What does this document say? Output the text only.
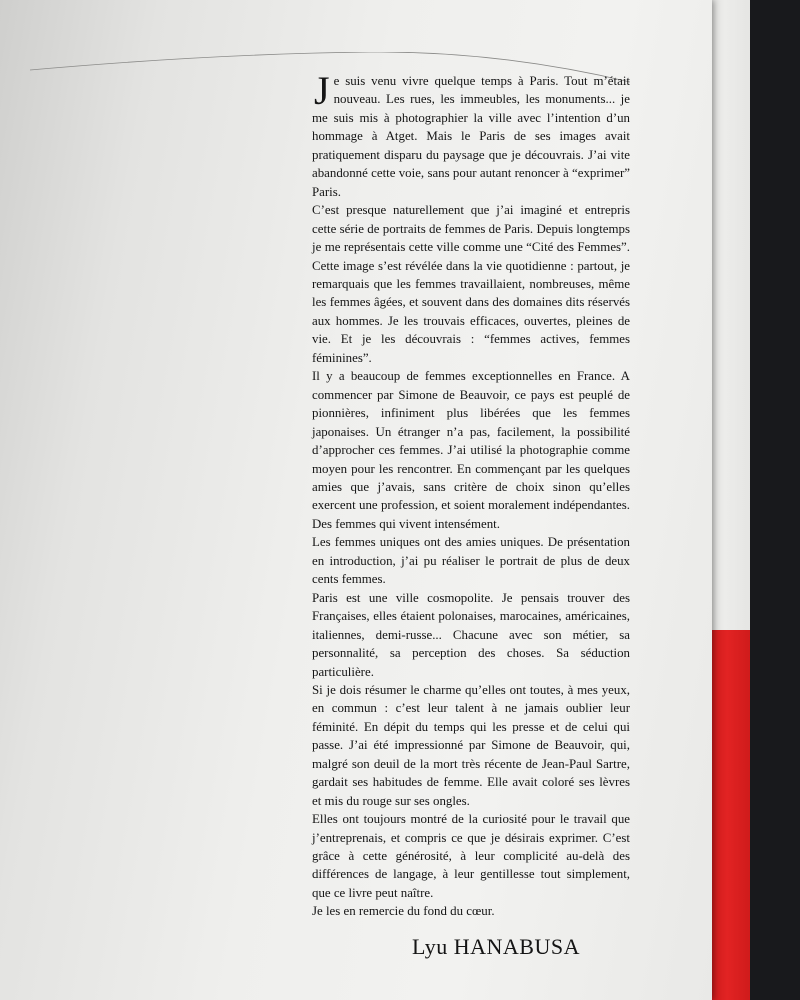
Je suis venu vivre quelque temps à Paris. Tout m’était nouveau. Les rues, les immeubles, les monuments... je me suis mis à photographier la ville avec l’intention d’un hommage à Atget. Mais le Paris de ses images avait pratiquement disparu du paysage que je découvrais. J’ai vite abandonné cette voie, sans pour autant renoncer à “exprimer” Paris.

C’est presque naturellement que j’ai imaginé et entrepris cette série de portraits de femmes de Paris. Depuis longtemps je me représentais cette ville comme une “Cité des Femmes”. Cette image s’est révélée dans la vie quotidienne : partout, je remarquais que les femmes travaillaient, nombreuses, même les femmes âgées, et souvent dans des domaines dits réservés aux hommes. Je les trouvais efficaces, ouvertes, pleines de vie. Et je les découvrais : “femmes actives, femmes féminines”.

Il y a beaucoup de femmes exceptionnelles en France. A commencer par Simone de Beauvoir, ce pays est peuplé de pionnières, infiniment plus libérées que les femmes japonaises. Un étranger n’a pas, facilement, la possibilité d’approcher ces femmes. J’ai utilisé la photographie comme moyen pour les rencontrer. En commençant par les quelques amies que j’avais, sans critère de choix sinon qu’elles exercent une profession, et soient moralement indépendantes. Des femmes qui vivent intensément.

Les femmes uniques ont des amies uniques. De présentation en introduction, j’ai pu réaliser le portrait de plus de deux cents femmes.

Paris est une ville cosmopolite. Je pensais trouver des Françaises, elles étaient polonaises, marocaines, américaines, italiennes, demi-russe... Chacune avec son métier, sa personnalité, sa perception des choses. Sa séduction particulière.

Si je dois résumer le charme qu’elles ont toutes, à mes yeux, en commun : c’est leur talent à ne jamais oublier leur féminité. En dépit du temps qui les presse et de celui qui passe. J’ai été impressionné par Simone de Beauvoir, qui, malgré son deuil de la mort très récente de Jean-Paul Sartre, gardait ses habitudes de femme. Elle avait coloré ses lèvres et mis du rouge sur ses ongles.

Elles ont toujours montré de la curiosité pour le travail que j’entreprenais, et compris ce que je désirais exprimer. C’est grâce à cette générosité, à leur complicité au-delà des différences de langage, à leur gentillesse tout simplement, que ce livre peut naître.

Je les en remercie du fond du cœur.

Lyu HANABUSA
